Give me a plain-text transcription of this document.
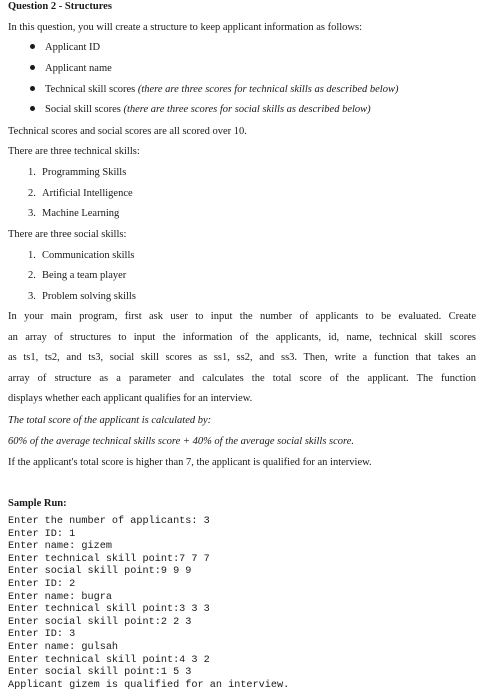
Question 2 - Structures
In this question, you will create a structure to keep applicant information as follows:
Applicant ID
Applicant name
Technical skill scores (there are three scores for technical skills as described below)
Social skill scores (there are three scores for social skills as described below)
Technical scores and social scores are all scored over 10.
There are three technical skills:
1. Programming Skills
2. Artificial Intelligence
3. Machine Learning
There are three social skills:
1. Communication skills
2. Being a team player
3. Problem solving skills
In your main program, first ask user to input the number of applicants to be evaluated. Create
an array of structures to input the information of the applicants, id, name, technical skill scores
as ts1, ts2, and ts3, social skill scores as ss1, ss2, and ss3. Then, write a function that takes an
array of structure as a parameter and calculates the total score of the applicant. The function
displays whether each applicant qualifies for an interview.
The total score of the applicant is calculated by:
60% of the average technical skills score + 40% of the average social skills score.
If the applicant's total score is higher than 7, the applicant is qualified for an interview.
Sample Run:
Enter the number of applicants: 3
Enter ID: 1
Enter name: gizem
Enter technical skill point:7 7 7
Enter social skill point:9 9 9
Enter ID: 2
Enter name: bugra
Enter technical skill point:3 3 3
Enter social skill point:2 2 3
Enter ID: 3
Enter name: gulsah
Enter technical skill point:4 3 2
Enter social skill point:1 5 3
Applicant gizem is qualified for an interview.
